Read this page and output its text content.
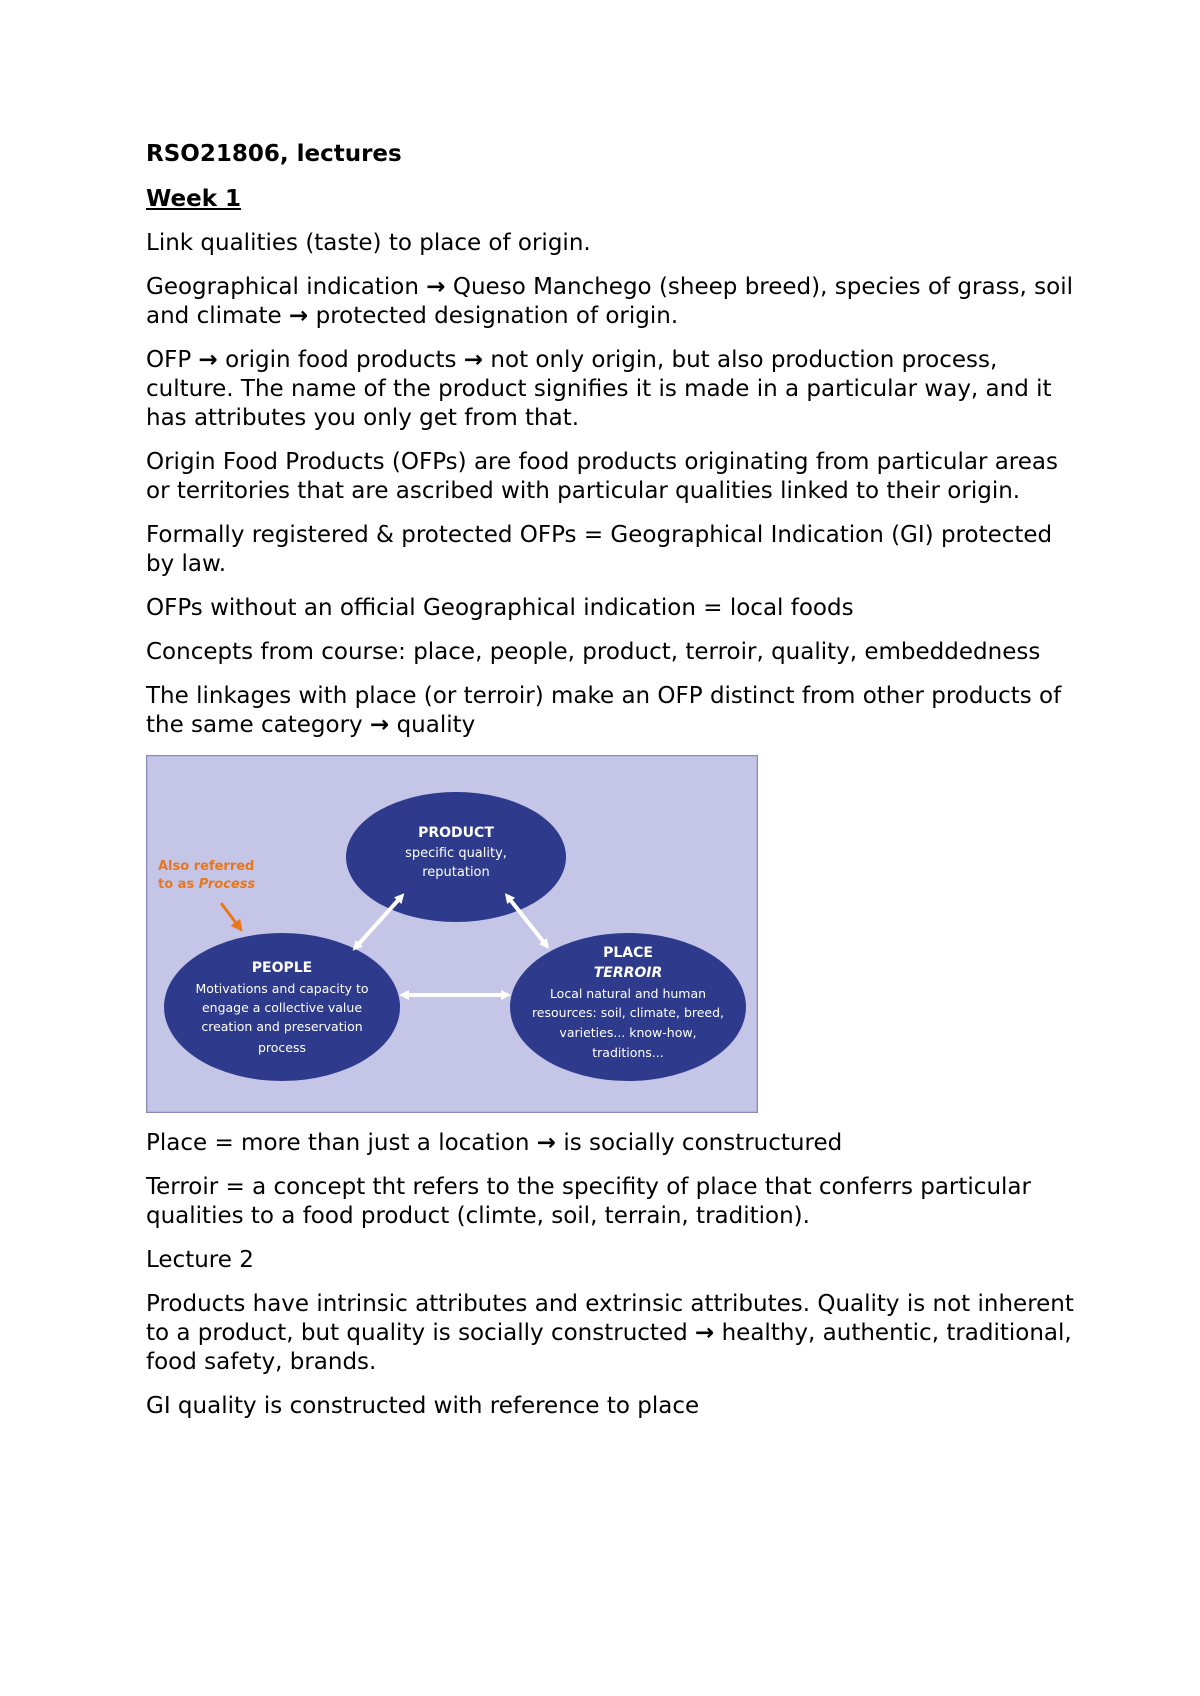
RSO21806, lectures
Week 1

Link qualities (taste) to place of origin.

Geographical indication → Queso Manchego (sheep breed), species of grass, soil and climate → protected designation of origin.

OFP → origin food products → not only origin, but also production process, culture. The name of the product signifies it is made in a particular way, and it has attributes you only get from that.

Origin Food Products (OFPs) are food products originating from particular areas or territories that are ascribed with particular qualities linked to their origin.

Formally registered & protected OFPs = Geographical Indication (GI) protected by law.

OFPs without an official Geographical indication = local foods

Concepts from course: place, people, product, terroir, quality, embeddedness

The linkages with place (or terroir) make an OFP distinct from other products of the same category → quality

PRODUCT
specific quality,
reputation
PEOPLE
Motivations and capacity to
engage a collective value
creation and preservation
process
PLACE
TERROIR
Local natural and human
resources: soil, climate, breed,
varieties... know-how,
traditions...
Also referred
to as Process

Place = more than just a location → is socially constructured

Terroir = a concept tht refers to the specifity of place that conferrs particular qualities to a food product (climte, soil, terrain, tradition).

Lecture 2

Products have intrinsic attributes and extrinsic attributes. Quality is not inherent to a product, but quality is socially constructed → healthy, authentic, traditional, food safety, brands.

GI quality is constructed with reference to place
